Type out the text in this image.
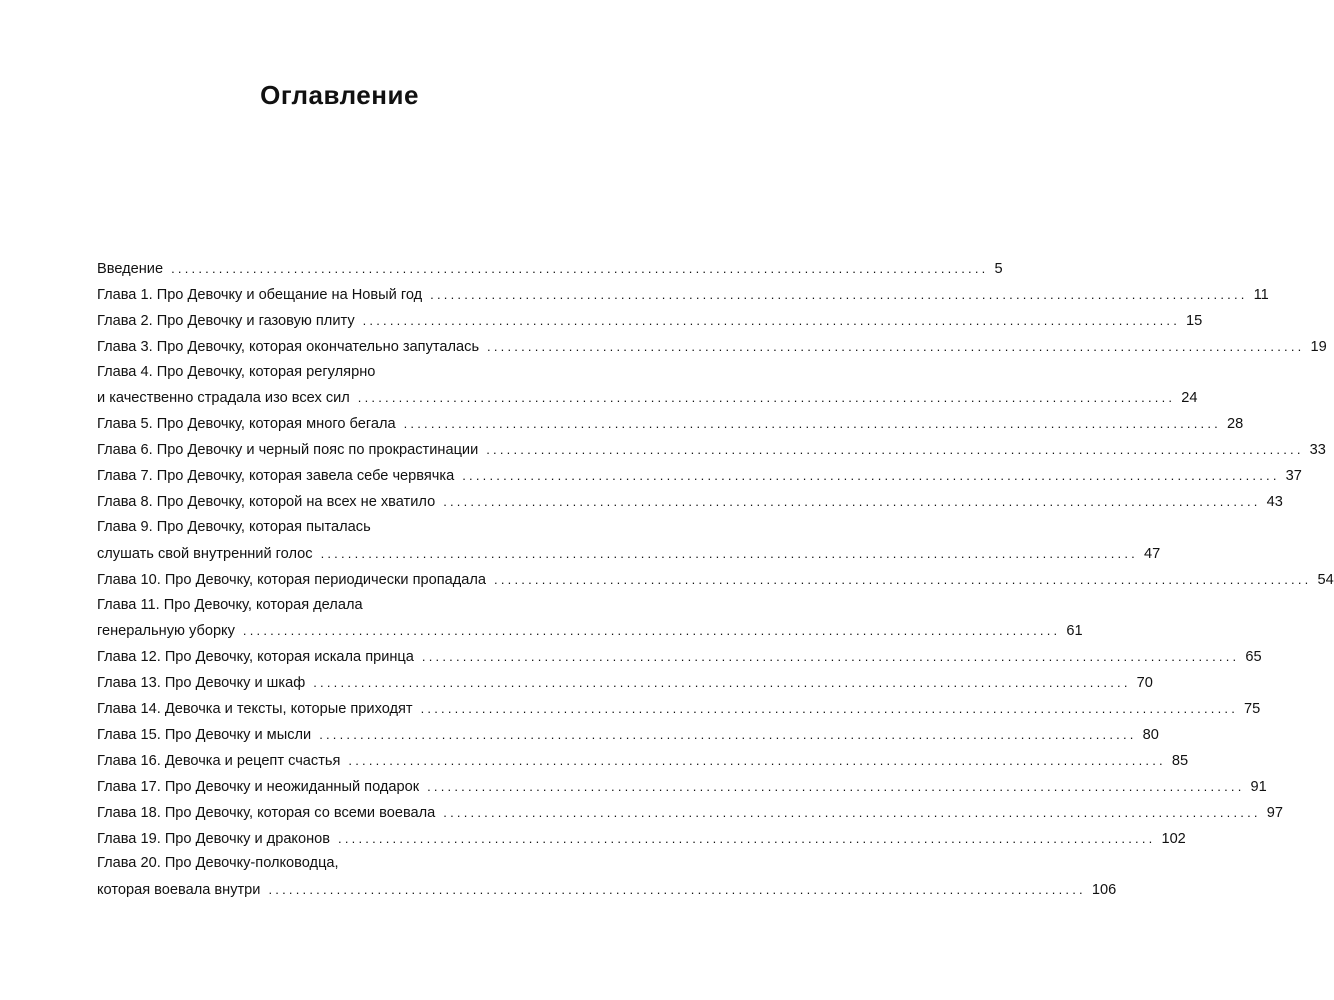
Оглавление
Введение ........................................................................................................................ 5
Глава 1. Про Девочку и обещание на Новый год ........................................................................................................................ 11
Глава 2. Про Девочку и газовую плиту ........................................................................................................................ 15
Глава 3. Про Девочку, которая окончательно запуталась ........................................................................................................................ 19
Глава 4. Про Девочку, которая регулярно
и качественно страдала изо всех сил ........................................................................................................................ 24
Глава 5. Про Девочку, которая много бегала ........................................................................................................................ 28
Глава 6. Про Девочку и черный пояс по прокрастинации ........................................................................................................................ 33
Глава 7. Про Девочку, которая завела себе червячка ........................................................................................................................ 37
Глава 8. Про Девочку, которой на всех не хватило ........................................................................................................................ 43
Глава 9. Про Девочку, которая пыталась
слушать свой внутренний голос ........................................................................................................................ 47
Глава 10. Про Девочку, которая периодически пропадала ........................................................................................................................ 54
Глава 11. Про Девочку, которая делала
генеральную уборку ........................................................................................................................ 61
Глава 12. Про Девочку, которая искала принца ........................................................................................................................ 65
Глава 13. Про Девочку и шкаф ........................................................................................................................ 70
Глава 14. Девочка и тексты, которые приходят ........................................................................................................................ 75
Глава 15. Про Девочку и мысли ........................................................................................................................ 80
Глава 16. Девочка и рецепт счастья ........................................................................................................................ 85
Глава 17. Про Девочку и неожиданный подарок ........................................................................................................................ 91
Глава 18. Про Девочку, которая со всеми воевала ........................................................................................................................ 97
Глава 19. Про Девочку и драконов ........................................................................................................................ 102
Глава 20. Про Девочку-полководца,
которая воевала внутри ........................................................................................................................ 106
